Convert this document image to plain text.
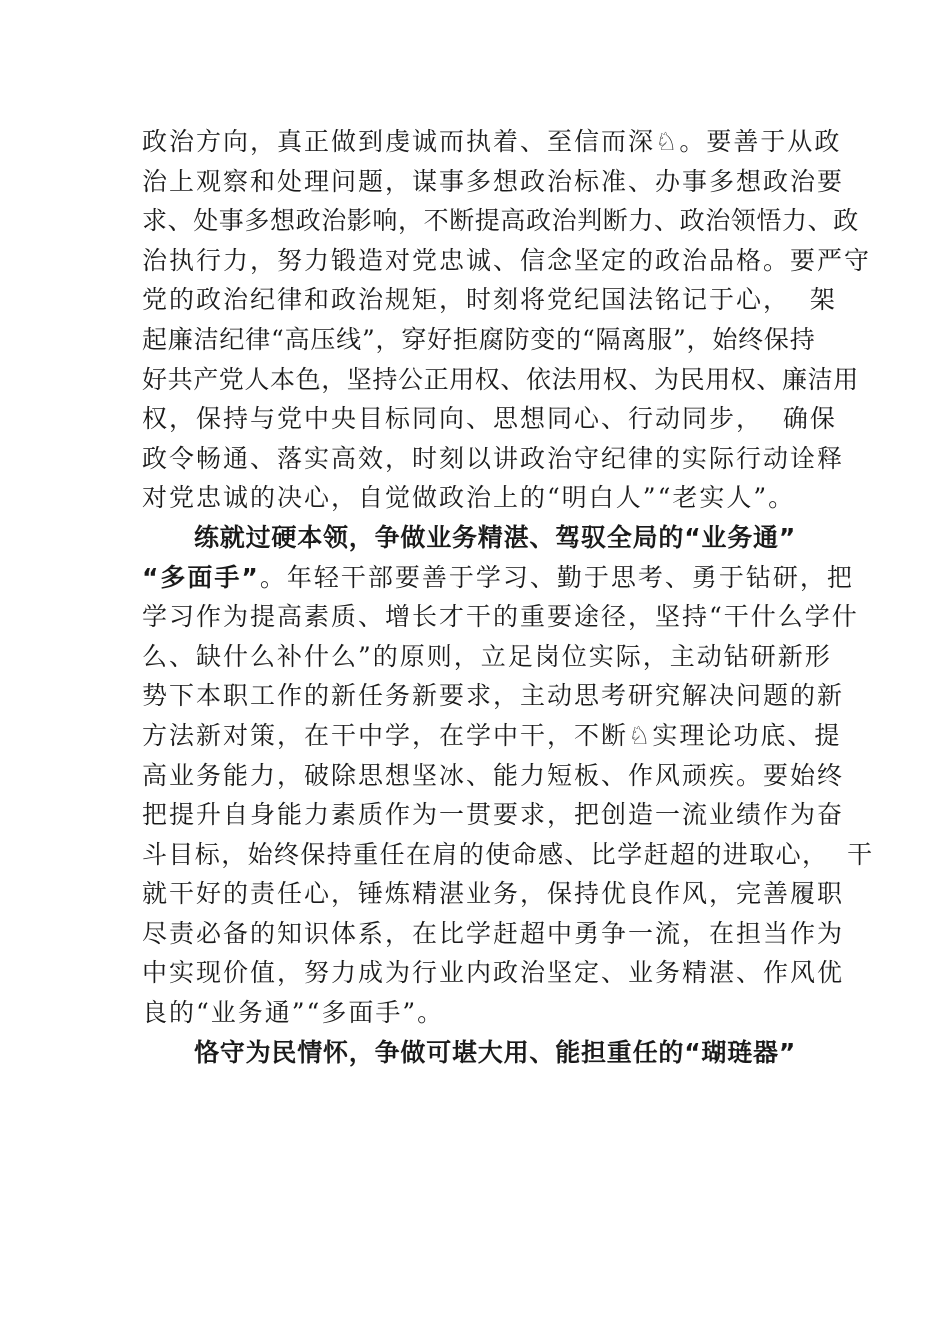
政治方向，真正做到虔诚而执着、至信而深♘。要善于从政
治上观察和处理问题，谋事多想政治标准、办事多想政治要
求、处事多想政治影响，不断提高政治判断力、政治领悟力、政
治执行力，努力锻造对党忠诚、信念坚定的政治品格。要严守
党的政治纪律和政治规矩，时刻将党纪国法铭记于心，  架
起廉洁纪律“高压线”，穿好拒腐防变的“隔离服”，始终保持
好共产党人本色，坚持公正用权、依法用权、为民用权、廉洁用
权，保持与党中央目标同向、思想同心、行动同步，  确保
政令畅通、落实高效，时刻以讲政治守纪律的实际行动诠释
对党忠诚的决心，自觉做政治上的“明白人”“老实人”。
练就过硬本领，争做业务精湛、驾驭全局的“业务通”
“多面手”。年轻干部要善于学习、勤于思考、勇于钻研，把
学习作为提高素质、增长才干的重要途径，坚持“干什么学什
么、缺什么补什么”的原则，立足岗位实际，主动钻研新形
势下本职工作的新任务新要求，主动思考研究解决问题的新
方法新对策，在干中学，在学中干，不断♘实理论功底、提
高业务能力，破除思想坚冰、能力短板、作风顽疾。要始终
把提升自身能力素质作为一贯要求，把创造一流业绩作为奋
斗目标，始终保持重任在肩的使命感、比学赶超的进取心，  干
就干好的责任心，锤炼精湛业务，保持优良作风，完善履职
尽责必备的知识体系，在比学赶超中勇争一流，在担当作为
中实现价值，努力成为行业内政治坚定、业务精湛、作风优
良的“业务通”“多面手”。
恪守为民情怀，争做可堪大用、能担重任的“瑚琏器”
